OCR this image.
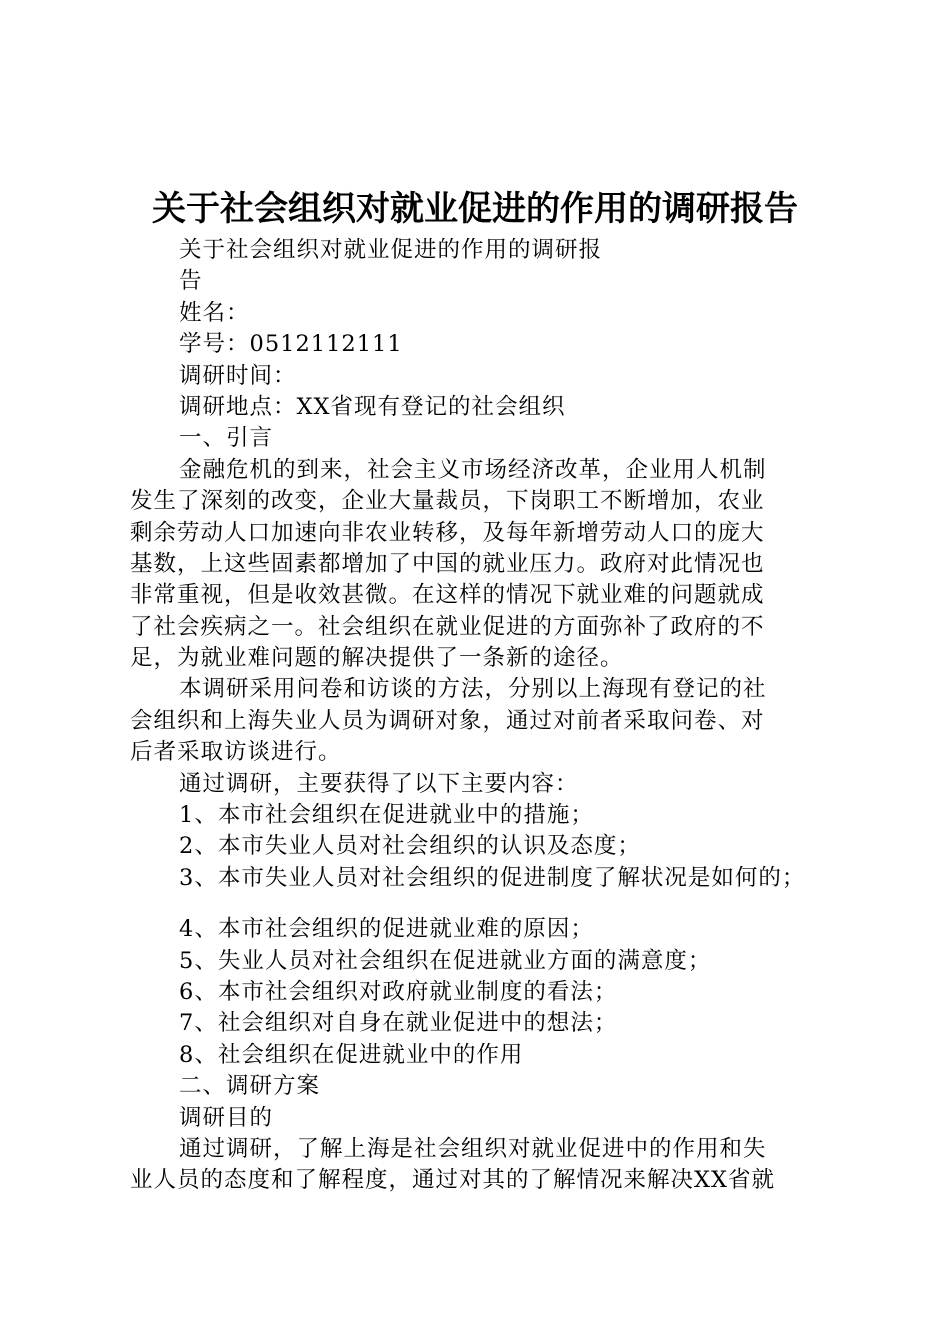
关于社会组织对就业促进的作用的调研报告
关于社会组织对就业促进的作用的调研报
告
姓名：
学号：0512112111
调研时间：
调研地点：XX省现有登记的社会组织
一、引言
金融危机的到来，社会主义市场经济改革，企业用人机制
发生了深刻的改变，企业大量裁员，下岗职工不断增加，农业
剩余劳动人口加速向非农业转移，及每年新增劳动人口的庞大
基数，上这些固素都增加了中国的就业压力。政府对此情况也
非常重视，但是收效甚微。在这样的情况下就业难的问题就成
了社会疾病之一。社会组织在就业促进的方面弥补了政府的不
足，为就业难问题的解决提供了一条新的途径。
本调研采用问卷和访谈的方法，分别以上海现有登记的社
会组织和上海失业人员为调研对象，通过对前者采取问卷、对
后者采取访谈进行。
通过调研，主要获得了以下主要内容：
1、本市社会组织在促进就业中的措施；
2、本市失业人员对社会组织的认识及态度；
3、本市失业人员对社会组织的促进制度了解状况是如何的；
4、本市社会组织的促进就业难的原因；
5、失业人员对社会组织在促进就业方面的满意度；
6、本市社会组织对政府就业制度的看法；
7、社会组织对自身在就业促进中的想法；
8、社会组织在促进就业中的作用
二、调研方案
调研目的
通过调研，了解上海是社会组织对就业促进中的作用和失
业人员的态度和了解程度，通过对其的了解情况来解决XX省就
